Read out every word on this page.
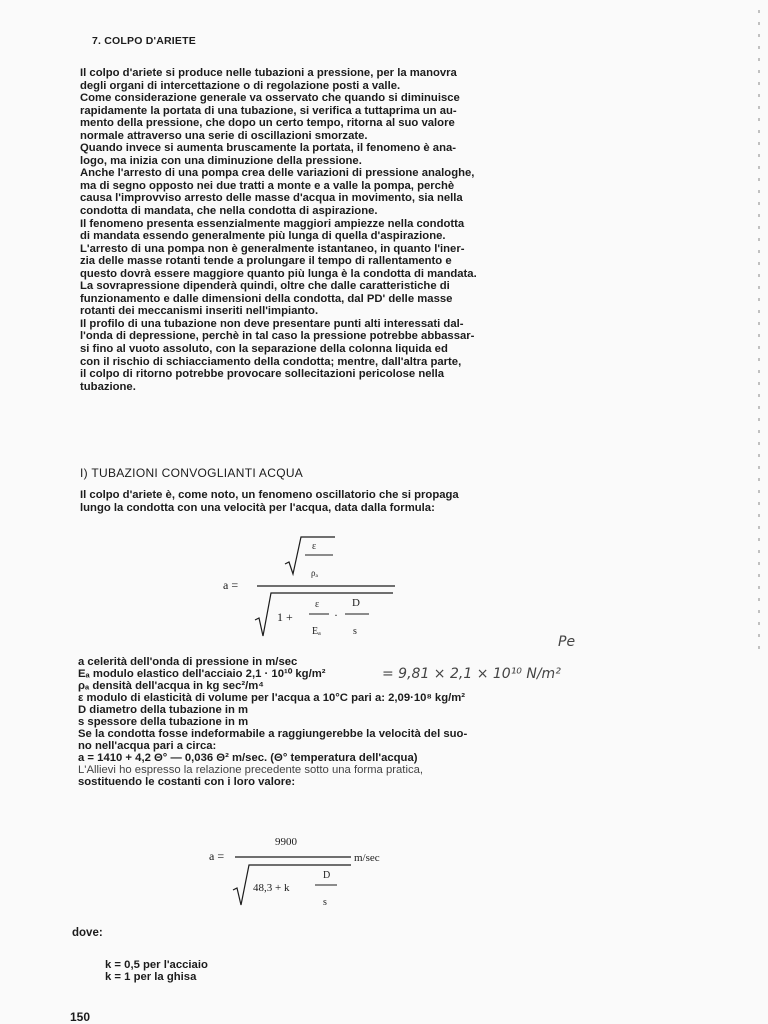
7. COLPO D'ARIETE
Il colpo d'ariete si produce nelle tubazioni a pressione, per la manovra
degli organi di intercettazione o di regolazione posti a valle.
Come considerazione generale va osservato che quando si diminuisce
rapidamente la portata di una tubazione, si verifica a tuttaprima un au-
mento della pressione, che dopo un certo tempo, ritorna al suo valore
normale attraverso una serie di oscillazioni smorzate.
Quando invece si aumenta bruscamente la portata, il fenomeno è ana-
logo, ma inizia con una diminuzione della pressione.
Anche l'arresto di una pompa crea delle variazioni di pressione analoghe,
ma di segno opposto nei due tratti a monte e a valle la pompa, perchè
causa l'improvviso arresto delle masse d'acqua in movimento, sia nella
condotta di mandata, che nella condotta di aspirazione.
Il fenomeno presenta essenzialmente maggiori ampiezze nella condotta
di mandata essendo generalmente più lunga di quella d'aspirazione.
L'arresto di una pompa non è generalmente istantaneo, in quanto l'iner-
zia delle masse rotanti tende a prolungare il tempo di rallentamento e
questo dovrà essere maggiore quanto più lunga è la condotta di mandata.
La sovrapressione dipenderà quindi, oltre che dalle caratteristiche di
funzionamento e dalle dimensioni della condotta, dal PD' delle masse
rotanti dei meccanismi inseriti nell'impianto.
Il profilo di una tubazione non deve presentare punti alti interessati dal-
l'onda di depressione, perchè in tal caso la pressione potrebbe abbassar-
si fino al vuoto assoluto, con la separazione della colonna liquida ed
con il rischio di schiacciamento della condotta; mentre, dall'altra parte,
il colpo di ritorno potrebbe provocare sollecitazioni pericolose nella
tubazione.
I) TUBAZIONI CONVOGLIANTI ACQUA
Il colpo d'ariete è, come noto, un fenomeno oscillatorio che si propaga
lungo la condotta con una velocità per l'acqua, data dalla formula:
a =
ε
ρₐ
1 +
ε
Eₐ
·
D
s
Pe
= 9,81 × 2,1 × 10¹⁰ N/m²
a celerità dell'onda di pressione in m/sec
Eₐ modulo elastico dell'acciaio 2,1 · 10¹⁰ kg/m²
ρₐ densità dell'acqua in kg sec²/m⁴
ε modulo di elasticità di volume per l'acqua a 10°C pari a: 2,09·10⁸ kg/m²
D diametro della tubazione in m
s spessore della tubazione in m
Se la condotta fosse indeformabile a raggiungerebbe la velocità del suo-
no nell'acqua pari a circa:
a = 1410 + 4,2 Θ° — 0,036 Θ² m/sec. (Θ° temperatura dell'acqua)
L'Allievi ho espresso la relazione precedente sotto una forma pratica,
sostituendo le costanti con i loro valore:
a =
9900
m/sec
48,3 + k
D
s
dove:
k = 0,5 per l'acciaio
k = 1 per la ghisa
150
